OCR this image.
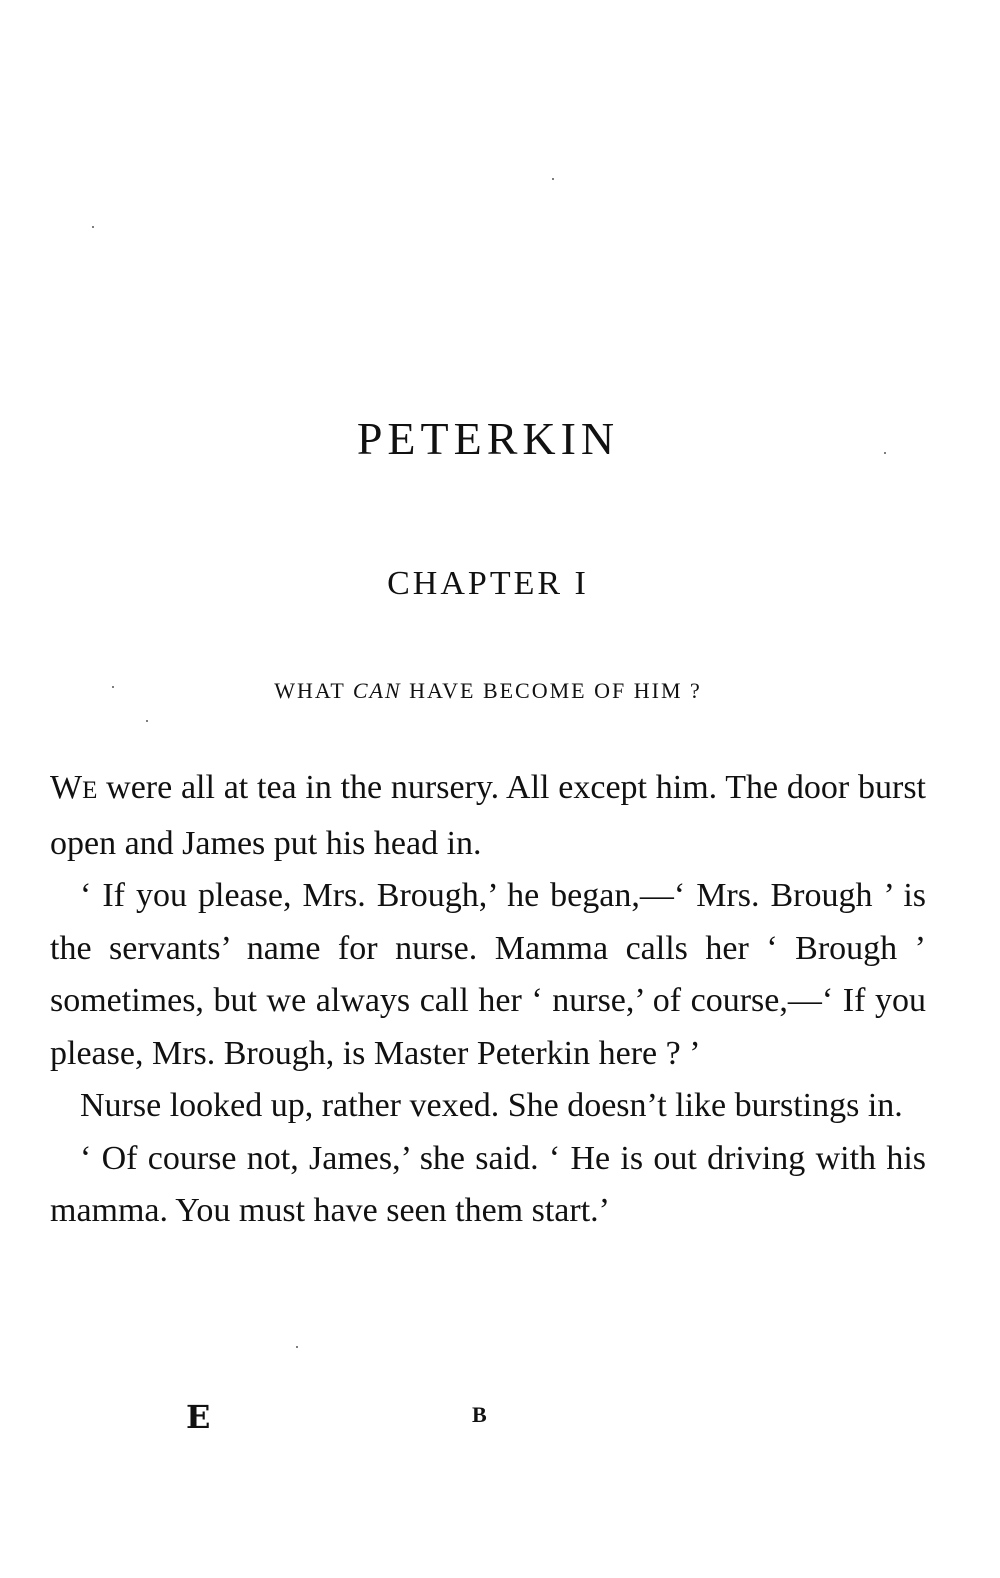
PETERKIN
CHAPTER I
WHAT CAN HAVE BECOME OF HIM ?

WE were all at tea in the nursery. All except him. The door burst open and James put his head in.

‘ If you please, Mrs. Brough,’ he began,—‘ Mrs. Brough ’ is the servants’ name for nurse. Mamma calls her ‘ Brough ’ sometimes, but we always call her ‘ nurse,’ of course,—‘ If you please, Mrs. Brough, is Master Peterkin here ? ’

Nurse looked up, rather vexed. She doesn’t like burstings in.

‘ Of course not, James,’ she said. ‘ He is out driving with his mamma. You must have seen them start.’

E	B
